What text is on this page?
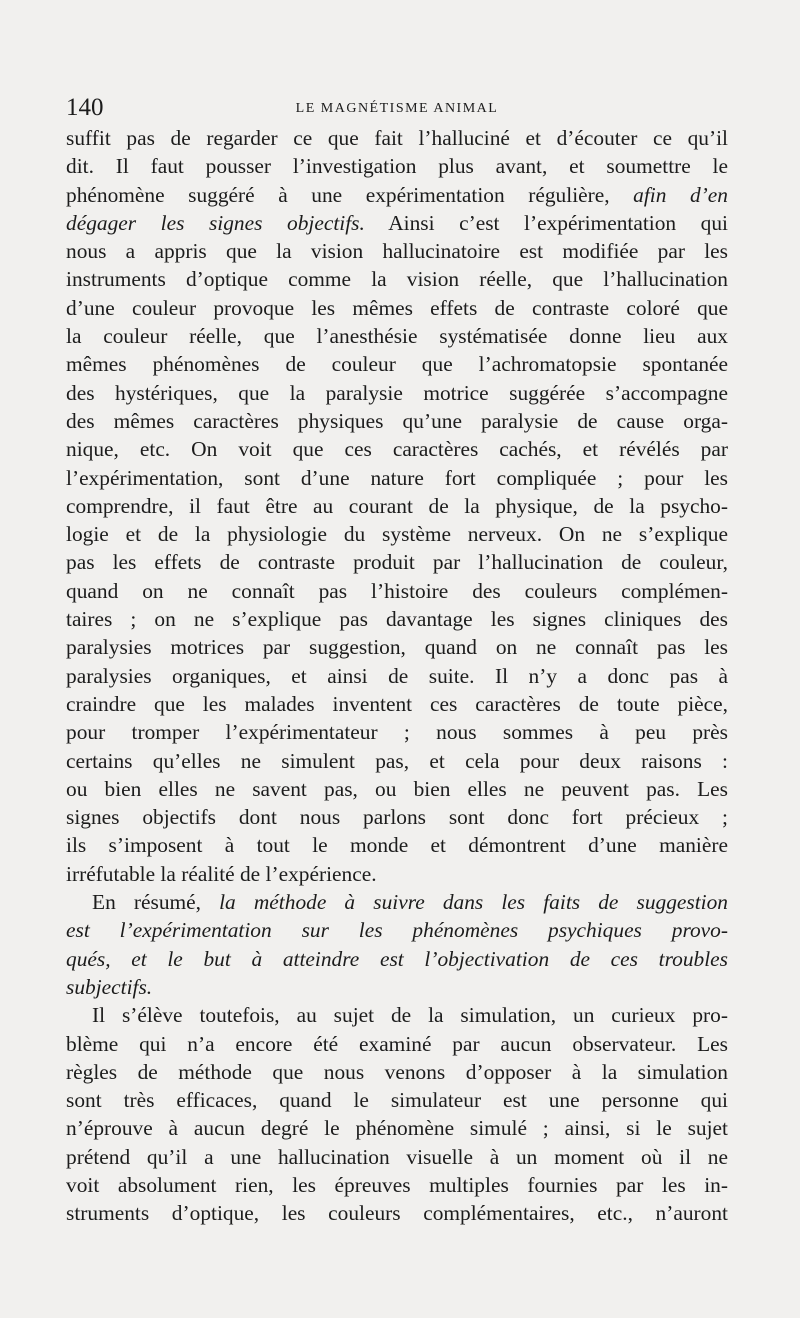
140	LE MAGNÉTISME ANIMAL
suffit pas de regarder ce que fait l’halluciné et d’écouter ce qu’il
dit. Il faut pousser l’investigation plus avant, et soumettre le
phénomène suggéré à une expérimentation régulière, afin d’en
dégager les signes objectifs. Ainsi c’est l’expérimentation qui
nous a appris que la vision hallucinatoire est modifiée par les
instruments d’optique comme la vision réelle, que l’hallucination
d’une couleur provoque les mêmes effets de contraste coloré que
la couleur réelle, que l’anesthésie systématisée donne lieu aux
mêmes phénomènes de couleur que l’achromatopsie spontanée
des hystériques, que la paralysie motrice suggérée s’accompagne
des mêmes caractères physiques qu’une paralysie de cause orga-
nique, etc. On voit que ces caractères cachés, et révélés par
l’expérimentation, sont d’une nature fort compliquée ; pour les
comprendre, il faut être au courant de la physique, de la psycho-
logie et de la physiologie du système nerveux. On ne s’explique
pas les effets de contraste produit par l’hallucination de couleur,
quand on ne connaît pas l’histoire des couleurs complémen-
taires ; on ne s’explique pas davantage les signes cliniques des
paralysies motrices par suggestion, quand on ne connaît pas les
paralysies organiques, et ainsi de suite. Il n’y a donc pas à
craindre que les malades inventent ces caractères de toute pièce,
pour tromper l’expérimentateur ; nous sommes à peu près
certains qu’elles ne simulent pas, et cela pour deux raisons :
ou bien elles ne savent pas, ou bien elles ne peuvent pas. Les
signes objectifs dont nous parlons sont donc fort précieux ;
ils s’imposent à tout le monde et démontrent d’une manière
irréfutable la réalité de l’expérience.
En résumé, la méthode à suivre dans les faits de suggestion
est l’expérimentation sur les phénomènes psychiques provo-
qués, et le but à atteindre est l’objectivation de ces troubles
subjectifs.
Il s’élève toutefois, au sujet de la simulation, un curieux pro-
blème qui n’a encore été examiné par aucun observateur. Les
règles de méthode que nous venons d’opposer à la simulation
sont très efficaces, quand le simulateur est une personne qui
n’éprouve à aucun degré le phénomène simulé ; ainsi, si le sujet
prétend qu’il a une hallucination visuelle à un moment où il ne
voit absolument rien, les épreuves multiples fournies par les in-
struments d’optique, les couleurs complémentaires, etc., n’auront
